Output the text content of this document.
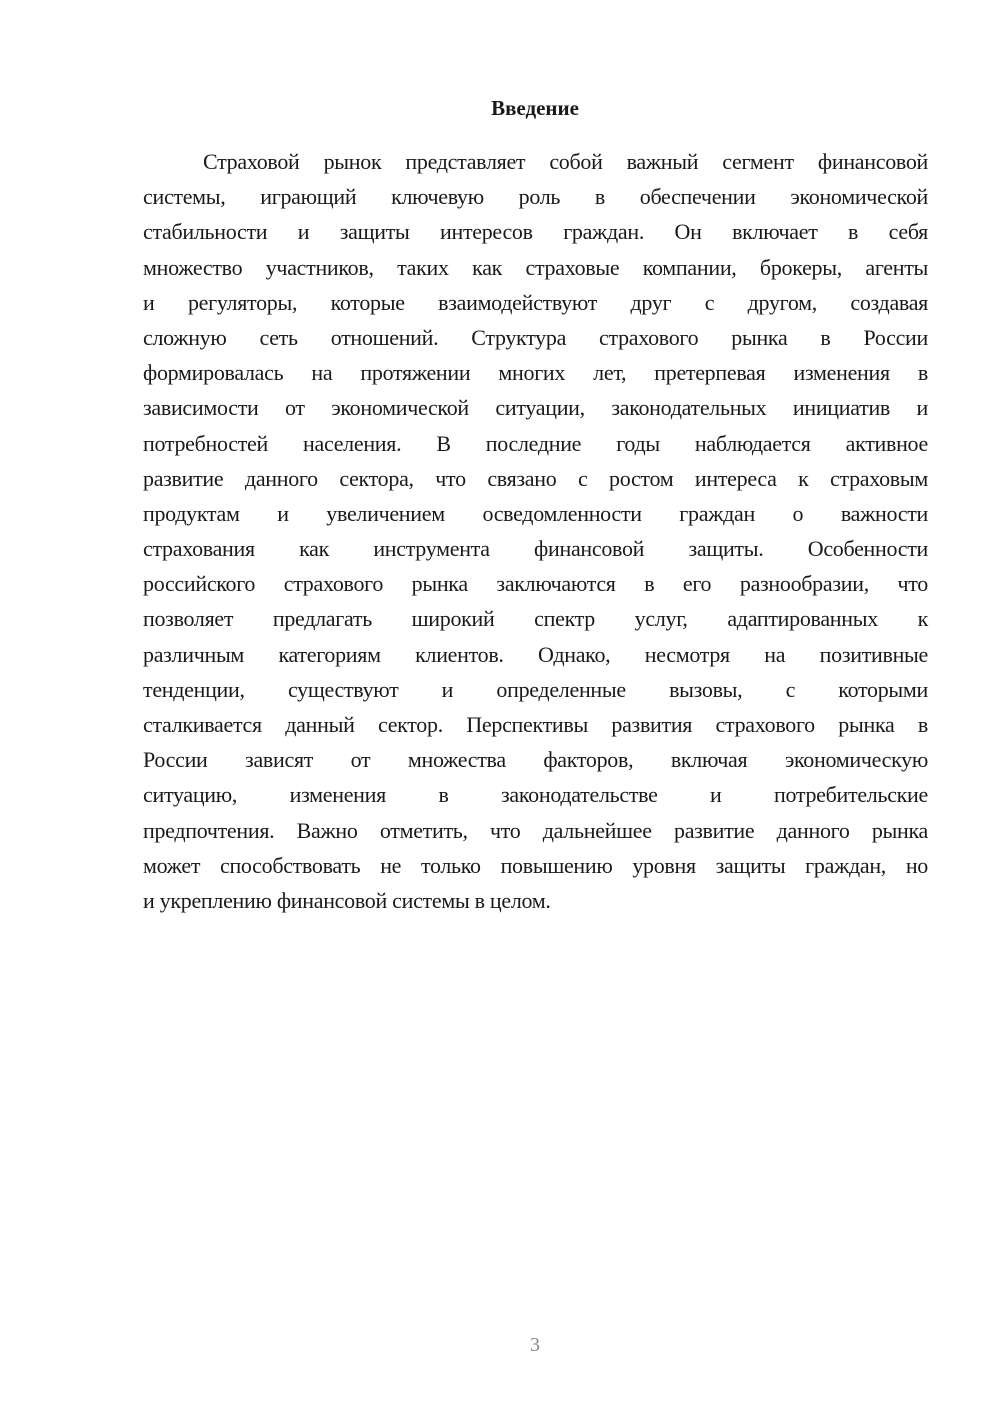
Введение
Страховой рынок представляет собой важный сегмент финансовой
системы, играющий ключевую роль в обеспечении экономической
стабильности и защиты интересов граждан. Он включает в себя
множество участников, таких как страховые компании, брокеры, агенты
и регуляторы, которые взаимодействуют друг с другом, создавая
сложную сеть отношений. Структура страхового рынка в России
формировалась на протяжении многих лет, претерпевая изменения в
зависимости от экономической ситуации, законодательных инициатив и
потребностей населения. В последние годы наблюдается активное
развитие данного сектора, что связано с ростом интереса к страховым
продуктам и увеличением осведомленности граждан о важности
страхования как инструмента финансовой защиты. Особенности
российского страхового рынка заключаются в его разнообразии, что
позволяет предлагать широкий спектр услуг, адаптированных к
различным категориям клиентов. Однако, несмотря на позитивные
тенденции, существуют и определенные вызовы, с которыми
сталкивается данный сектор. Перспективы развития страхового рынка в
России зависят от множества факторов, включая экономическую
ситуацию, изменения в законодательстве и потребительские
предпочтения. Важно отметить, что дальнейшее развитие данного рынка
может способствовать не только повышению уровня защиты граждан, но
и укреплению финансовой системы в целом.
3
